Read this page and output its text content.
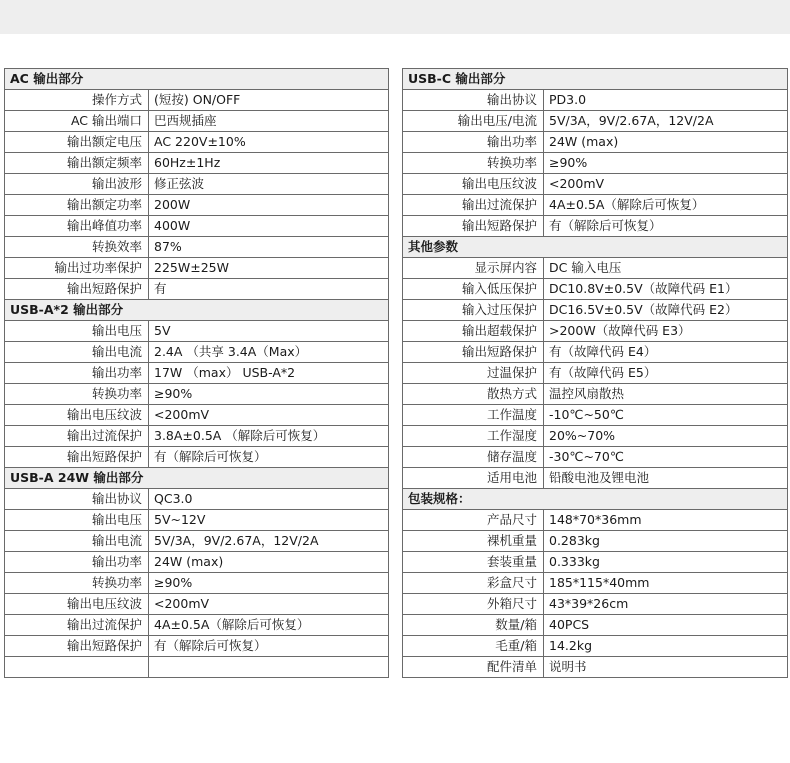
AC 输出部分	
操作方式	(短按) ON/OFF
AC 输出端口	巴西规插座
输出额定电压	AC 220V±10%
输出额定频率	60Hz±1Hz
输出波形	修正弦波
输出额定功率	200W
输出峰值功率	400W
转换效率	87%
输出过功率保护	225W±25W
输出短路保护	有
USB-A*2 输出部分	
输出电压	5V
输出电流	2.4A （共享 3.4A（Max）
输出功率	17W （max） USB-A*2
转换功率	≥90%
输出电压纹波	<200mV
输出过流保护	3.8A±0.5A （解除后可恢复）
输出短路保护	有（解除后可恢复）
USB-A 24W 输出部分	
输出协议	QC3.0
输出电压	5V~12V
输出电流	5V/3A，9V/2.67A，12V/2A
输出功率	24W (max)
转换功率	≥90%
输出电压纹波	<200mV
输出过流保护	4A±0.5A（解除后可恢复）
输出短路保护	有（解除后可恢复）

USB-C 输出部分	
输出协议	PD3.0
输出电压/电流	5V/3A，9V/2.67A，12V/2A
输出功率	24W (max)
转换功率	≥90%
输出电压纹波	<200mV
输出过流保护	4A±0.5A（解除后可恢复）
输出短路保护	有（解除后可恢复）
其他参数	
显示屏内容	DC 输入电压
输入低压保护	DC10.8V±0.5V（故障代码 E1）
输入过压保护	DC16.5V±0.5V（故障代码 E2）
输出超载保护	>200W（故障代码 E3）
输出短路保护	有（故障代码 E4）
过温保护	有（故障代码 E5）
散热方式	温控风扇散热
工作温度	-10℃~50℃
工作湿度	20%~70%
储存温度	-30℃~70℃
适用电池	铅酸电池及锂电池
包装规格：	
产品尺寸	148*70*36mm
裸机重量	0.283kg
套装重量	0.333kg
彩盒尺寸	185*115*40mm
外箱尺寸	43*39*26cm
数量/箱	40PCS
毛重/箱	14.2kg
配件清单	说明书
